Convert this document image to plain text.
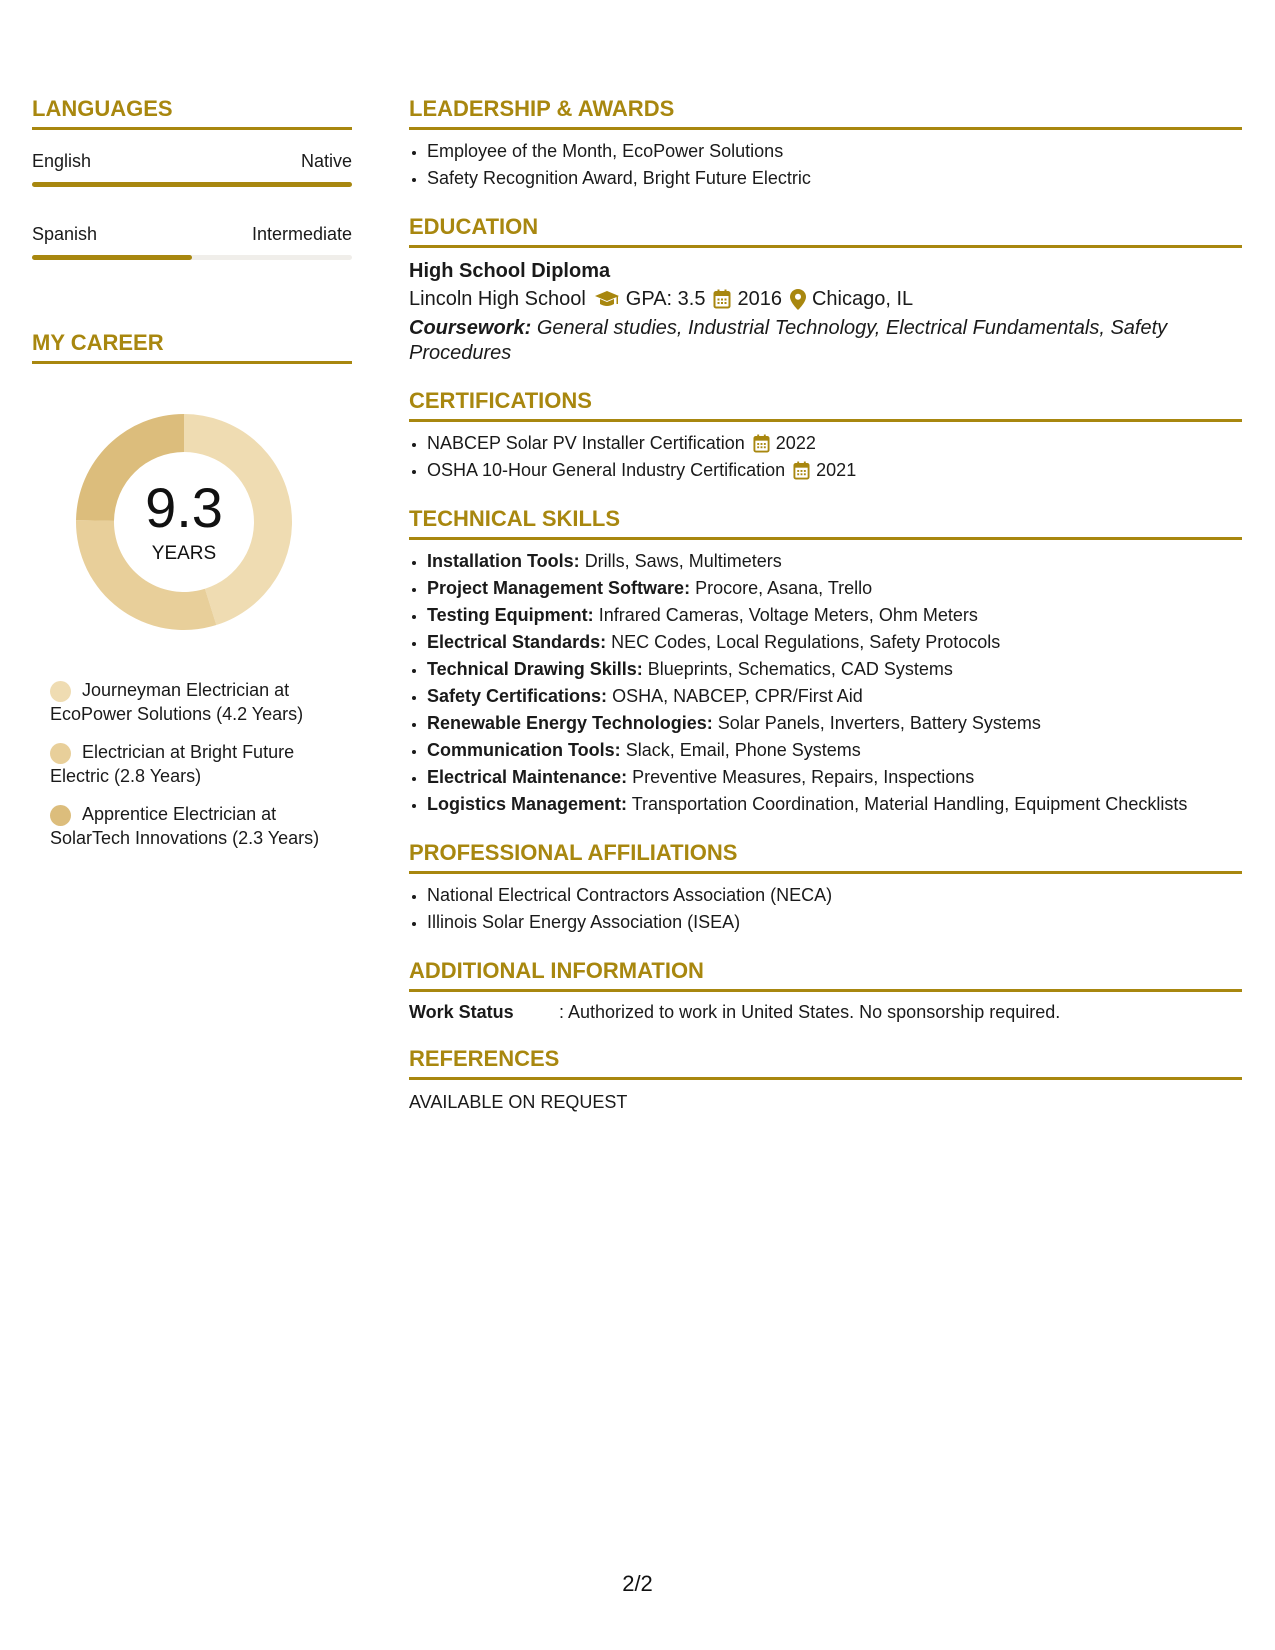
LANGUAGES
English	Native
Spanish	Intermediate
MY CAREER
9.3
YEARS
Journeyman Electrician at EcoPower Solutions (4.2 Years)
Electrician at Bright Future Electric (2.8 Years)
Apprentice Electrician at SolarTech Innovations (2.3 Years)
LEADERSHIP & AWARDS
• Employee of the Month, EcoPower Solutions
• Safety Recognition Award, Bright Future Electric
EDUCATION
High School Diploma
Lincoln High School GPA: 3.5 2016 Chicago, IL
Coursework: General studies, Industrial Technology, Electrical Fundamentals, Safety Procedures
CERTIFICATIONS
• NABCEP Solar PV Installer Certification 2022
• OSHA 10-Hour General Industry Certification 2021
TECHNICAL SKILLS
• Installation Tools: Drills, Saws, Multimeters
• Project Management Software: Procore, Asana, Trello
• Testing Equipment: Infrared Cameras, Voltage Meters, Ohm Meters
• Electrical Standards: NEC Codes, Local Regulations, Safety Protocols
• Technical Drawing Skills: Blueprints, Schematics, CAD Systems
• Safety Certifications: OSHA, NABCEP, CPR/First Aid
• Renewable Energy Technologies: Solar Panels, Inverters, Battery Systems
• Communication Tools: Slack, Email, Phone Systems
• Electrical Maintenance: Preventive Measures, Repairs, Inspections
• Logistics Management: Transportation Coordination, Material Handling, Equipment Checklists
PROFESSIONAL AFFILIATIONS
• National Electrical Contractors Association (NECA)
• Illinois Solar Energy Association (ISEA)
ADDITIONAL INFORMATION
Work Status	: Authorized to work in United States. No sponsorship required.
REFERENCES
AVAILABLE ON REQUEST
2/2
